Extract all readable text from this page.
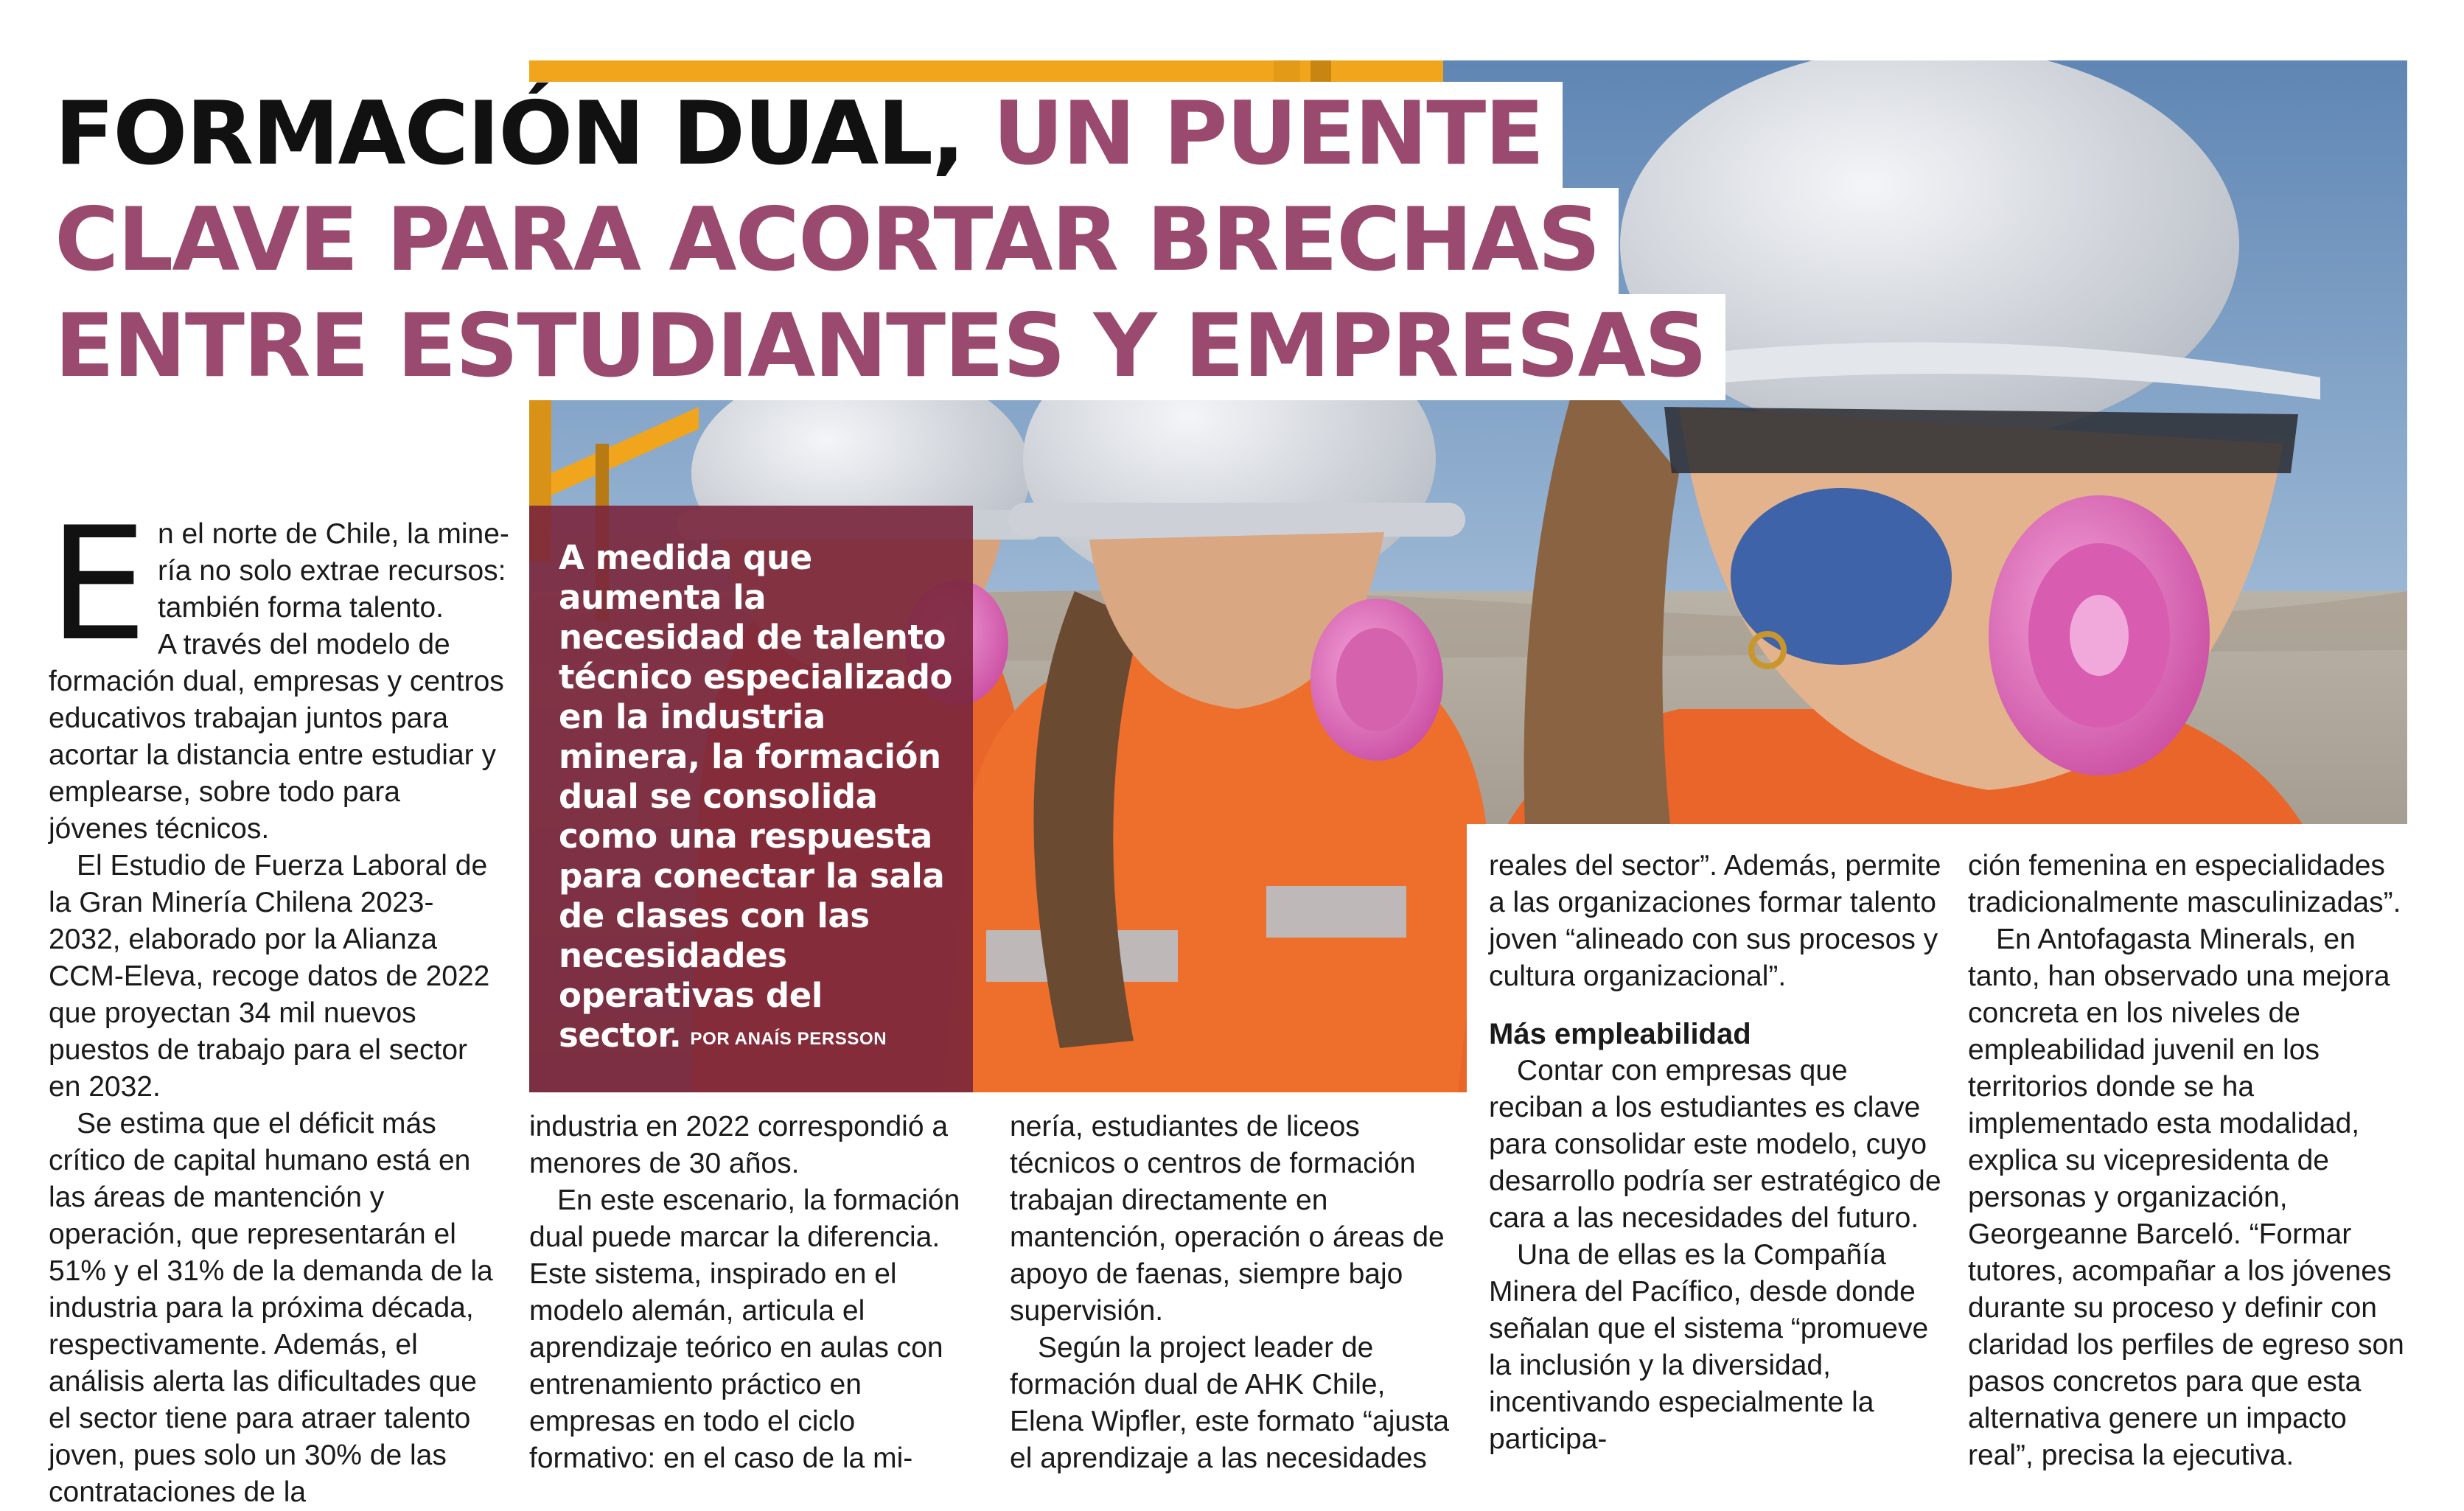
FORMACIÓN DUAL, UN PUENTE
CLAVE PARA ACORTAR BRECHAS
ENTRE ESTUDIANTES Y EMPRESAS

A medida que aumenta la necesidad de talento técnico especializado en la industria minera, la formación dual se consolida como una respuesta para conectar la sala de clases con las necesidades operativas del sector. POR ANAÍS PERSSON

E n el norte de Chile, la mine-
ría no solo extrae recursos:
también forma talento.
A través del modelo de formación dual, empresas y centros educativos trabajan juntos para acortar la distancia entre estudiar y emplearse, sobre todo para jóvenes técnicos.

El Estudio de Fuerza Laboral de la Gran Minería Chilena 2023-2032, elaborado por la Alianza CCM-Eleva, recoge datos de 2022 que proyectan 34 mil nuevos puestos de trabajo para el sector en 2032.

Se estima que el déficit más crítico de capital humano está en las áreas de mantención y operación, que representarán el 51% y el 31% de la demanda de la industria para la próxima década, respectivamente. Además, el análisis alerta las dificultades que el sector tiene para atraer talento joven, pues solo un 30% de las contrataciones de la

industria en 2022 correspondió a menores de 30 años.

En este escenario, la formación dual puede marcar la diferencia. Este sistema, inspirado en el modelo alemán, articula el aprendizaje teórico en aulas con entrenamiento práctico en empresas en todo el ciclo formativo: en el caso de la mi-

nería, estudiantes de liceos técnicos o centros de formación trabajan directamente en mantención, operación o áreas de apoyo de faenas, siempre bajo supervisión.

Según la project leader de formación dual de AHK Chile, Elena Wipfler, este formato “ajusta el aprendizaje a las necesidades

reales del sector”. Además, permite a las organizaciones formar talento joven “alineado con sus procesos y cultura organizacional”.

Más empleabilidad

Contar con empresas que reciban a los estudiantes es clave para consolidar este modelo, cuyo desarrollo podría ser estratégico de cara a las necesidades del futuro.

Una de ellas es la Compañía Minera del Pacífico, desde donde señalan que el sistema “promueve la inclusión y la diversidad, incentivando especialmente la participa-

ción femenina en especialidades tradicionalmente masculinizadas”.

En Antofagasta Minerals, en tanto, han observado una mejora concreta en los niveles de empleabilidad juvenil en los territorios donde se ha implementado esta modalidad, explica su vicepresidenta de personas y organización, Georgeanne Barceló. “Formar tutores, acompañar a los jóvenes durante su proceso y definir con claridad los perfiles de egreso son pasos concretos para que esta alternativa genere un impacto real”, precisa la ejecutiva.
